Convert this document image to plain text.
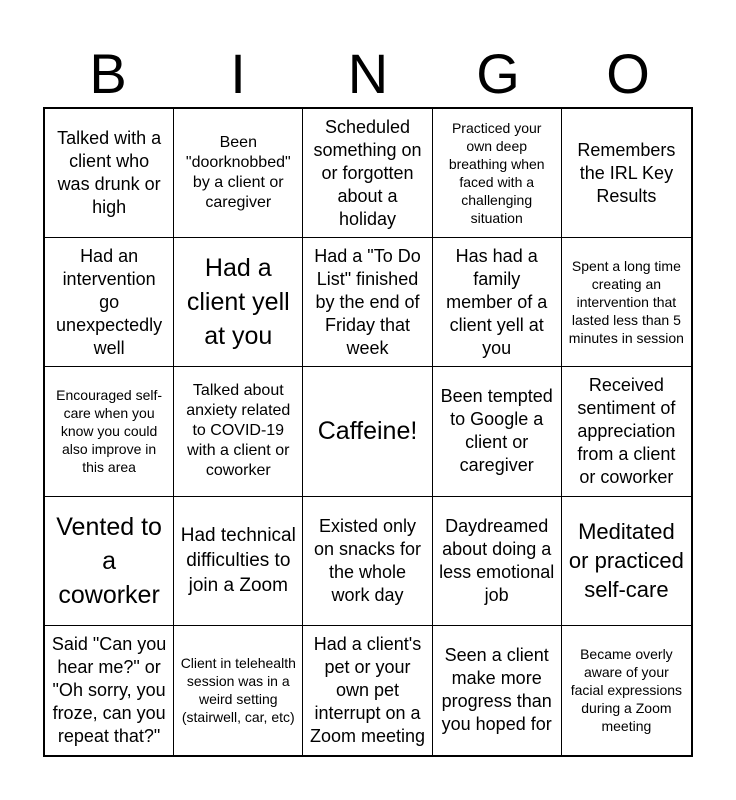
B	I	N	G	O
Talked with a client who was drunk or high
Been "doorknobbed" by a client or caregiver
Scheduled something on or forgotten about a holiday
Practiced your own deep breathing when faced with a challenging situation
Remembers the IRL Key Results
Had an intervention go unexpectedly well
Had a client yell at you
Had a "To Do List" finished by the end of Friday that week
Has had a family member of a client yell at you
Spent a long time creating an intervention that lasted less than 5 minutes in session
Encouraged self-care when you know you could also improve in this area
Talked about anxiety related to COVID-19 with a client or coworker
Caffeine!
Been tempted to Google a client or caregiver
Received sentiment of appreciation from a client or coworker
Vented to a coworker
Had technical difficulties to join a Zoom
Existed only on snacks for the whole work day
Daydreamed about doing a less emotional job
Meditated or practiced self-care
Said "Can you hear me?" or "Oh sorry, you froze, can you repeat that?"
Client in telehealth session was in a weird setting (stairwell, car, etc)
Had a client's pet or your own pet interrupt on a Zoom meeting
Seen a client make more progress than you hoped for
Became overly aware of your facial expressions during a Zoom meeting
